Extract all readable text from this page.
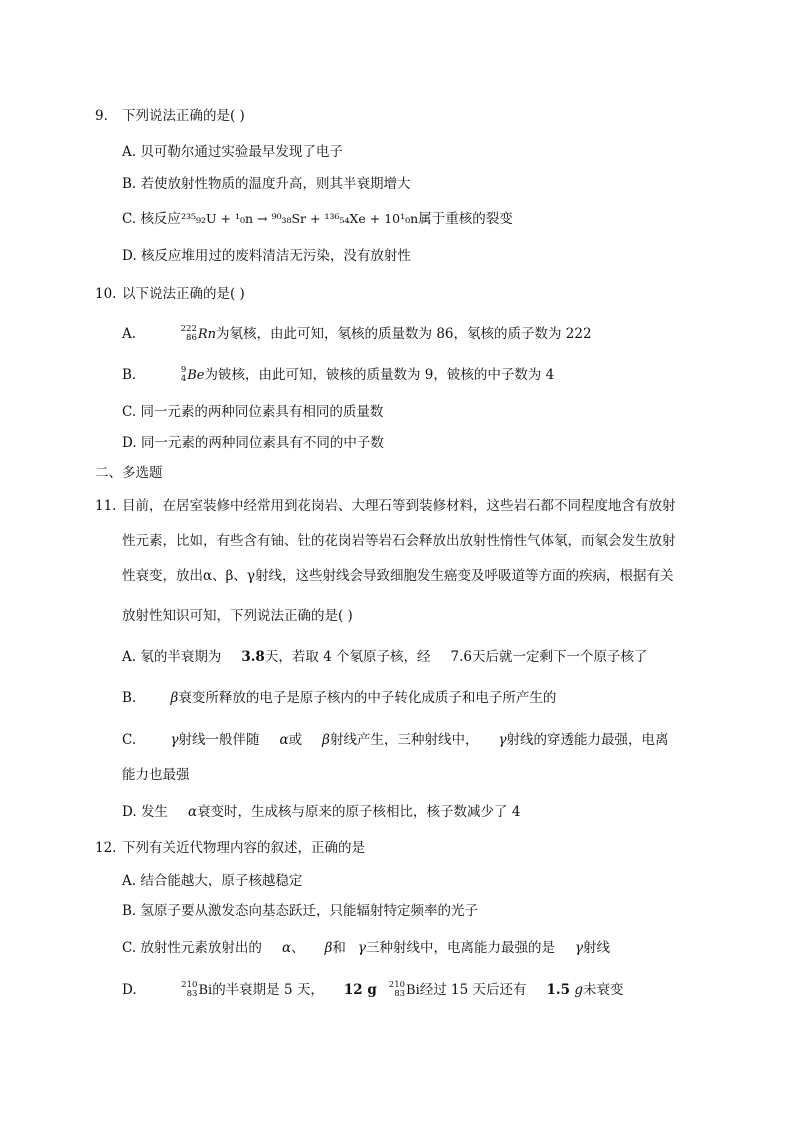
9. 下列说法正确的是( )
A. 贝可勒尔通过实验最早发现了电子
B. 若使放射性物质的温度升高，则其半衰期增大
C. 核反应²³⁵₉₂U + ¹₀n → ⁹⁰₃₈Sr + ¹³⁶₅₄Xe + 10¹₀n属于重核的裂变
D. 核反应堆用过的废料清洁无污染，没有放射性
10. 以下说法正确的是( )
A.	222
86 Rn为氡核，由此可知，氡核的质量数为 86，氡核的质子数为 222
B.	9
4 Be为铍核，由此可知，铍核的质量数为 9，铍核的中子数为 4
C. 同一元素的两种同位素具有相同的质量数
D. 同一元素的两种同位素具有不同的中子数
二、多选题
11. 目前，在居室装修中经常用到花岗岩、大理石等到装修材料，这些岩石都不同程度地含有放射
性元素，比如，有些含有铀、钍的花岗岩等岩石会释放出放射性惰性气体氡，而氡会发生放射
性衰变，放出α、β、γ射线，这些射线会导致细胞发生癌变及呼吸道等方面的疾病，根据有关
放射性知识可知，下列说法正确的是( )
A. 氡的半衰期为 3.8天，若取 4 个氡原子核，经 7.6天后就一定剩下一个原子核了
B.	β衰变所释放的电子是原子核内的中子转化成质子和电子所产生的
C.	γ射线一般伴随 α或 β射线产生，三种射线中， γ射线的穿透能力最强，电离
能力也最强
D. 发生 α衰变时，生成核与原来的原子核相比，核子数减少了 4
12. 下列有关近代物理内容的叙述，正确的是
A. 结合能越大，原子核越稳定
B. 氢原子要从激发态向基态跃迁，只能辐射特定频率的光子
C. 放射性元素放射出的 α、 β和 γ三种射线中，电离能力最强的是 γ射线
D.	210
83 Bi的半衰期是 5 天， 12 g 210
83 Bi经过 15 天后还有 1.5 g未衰变
